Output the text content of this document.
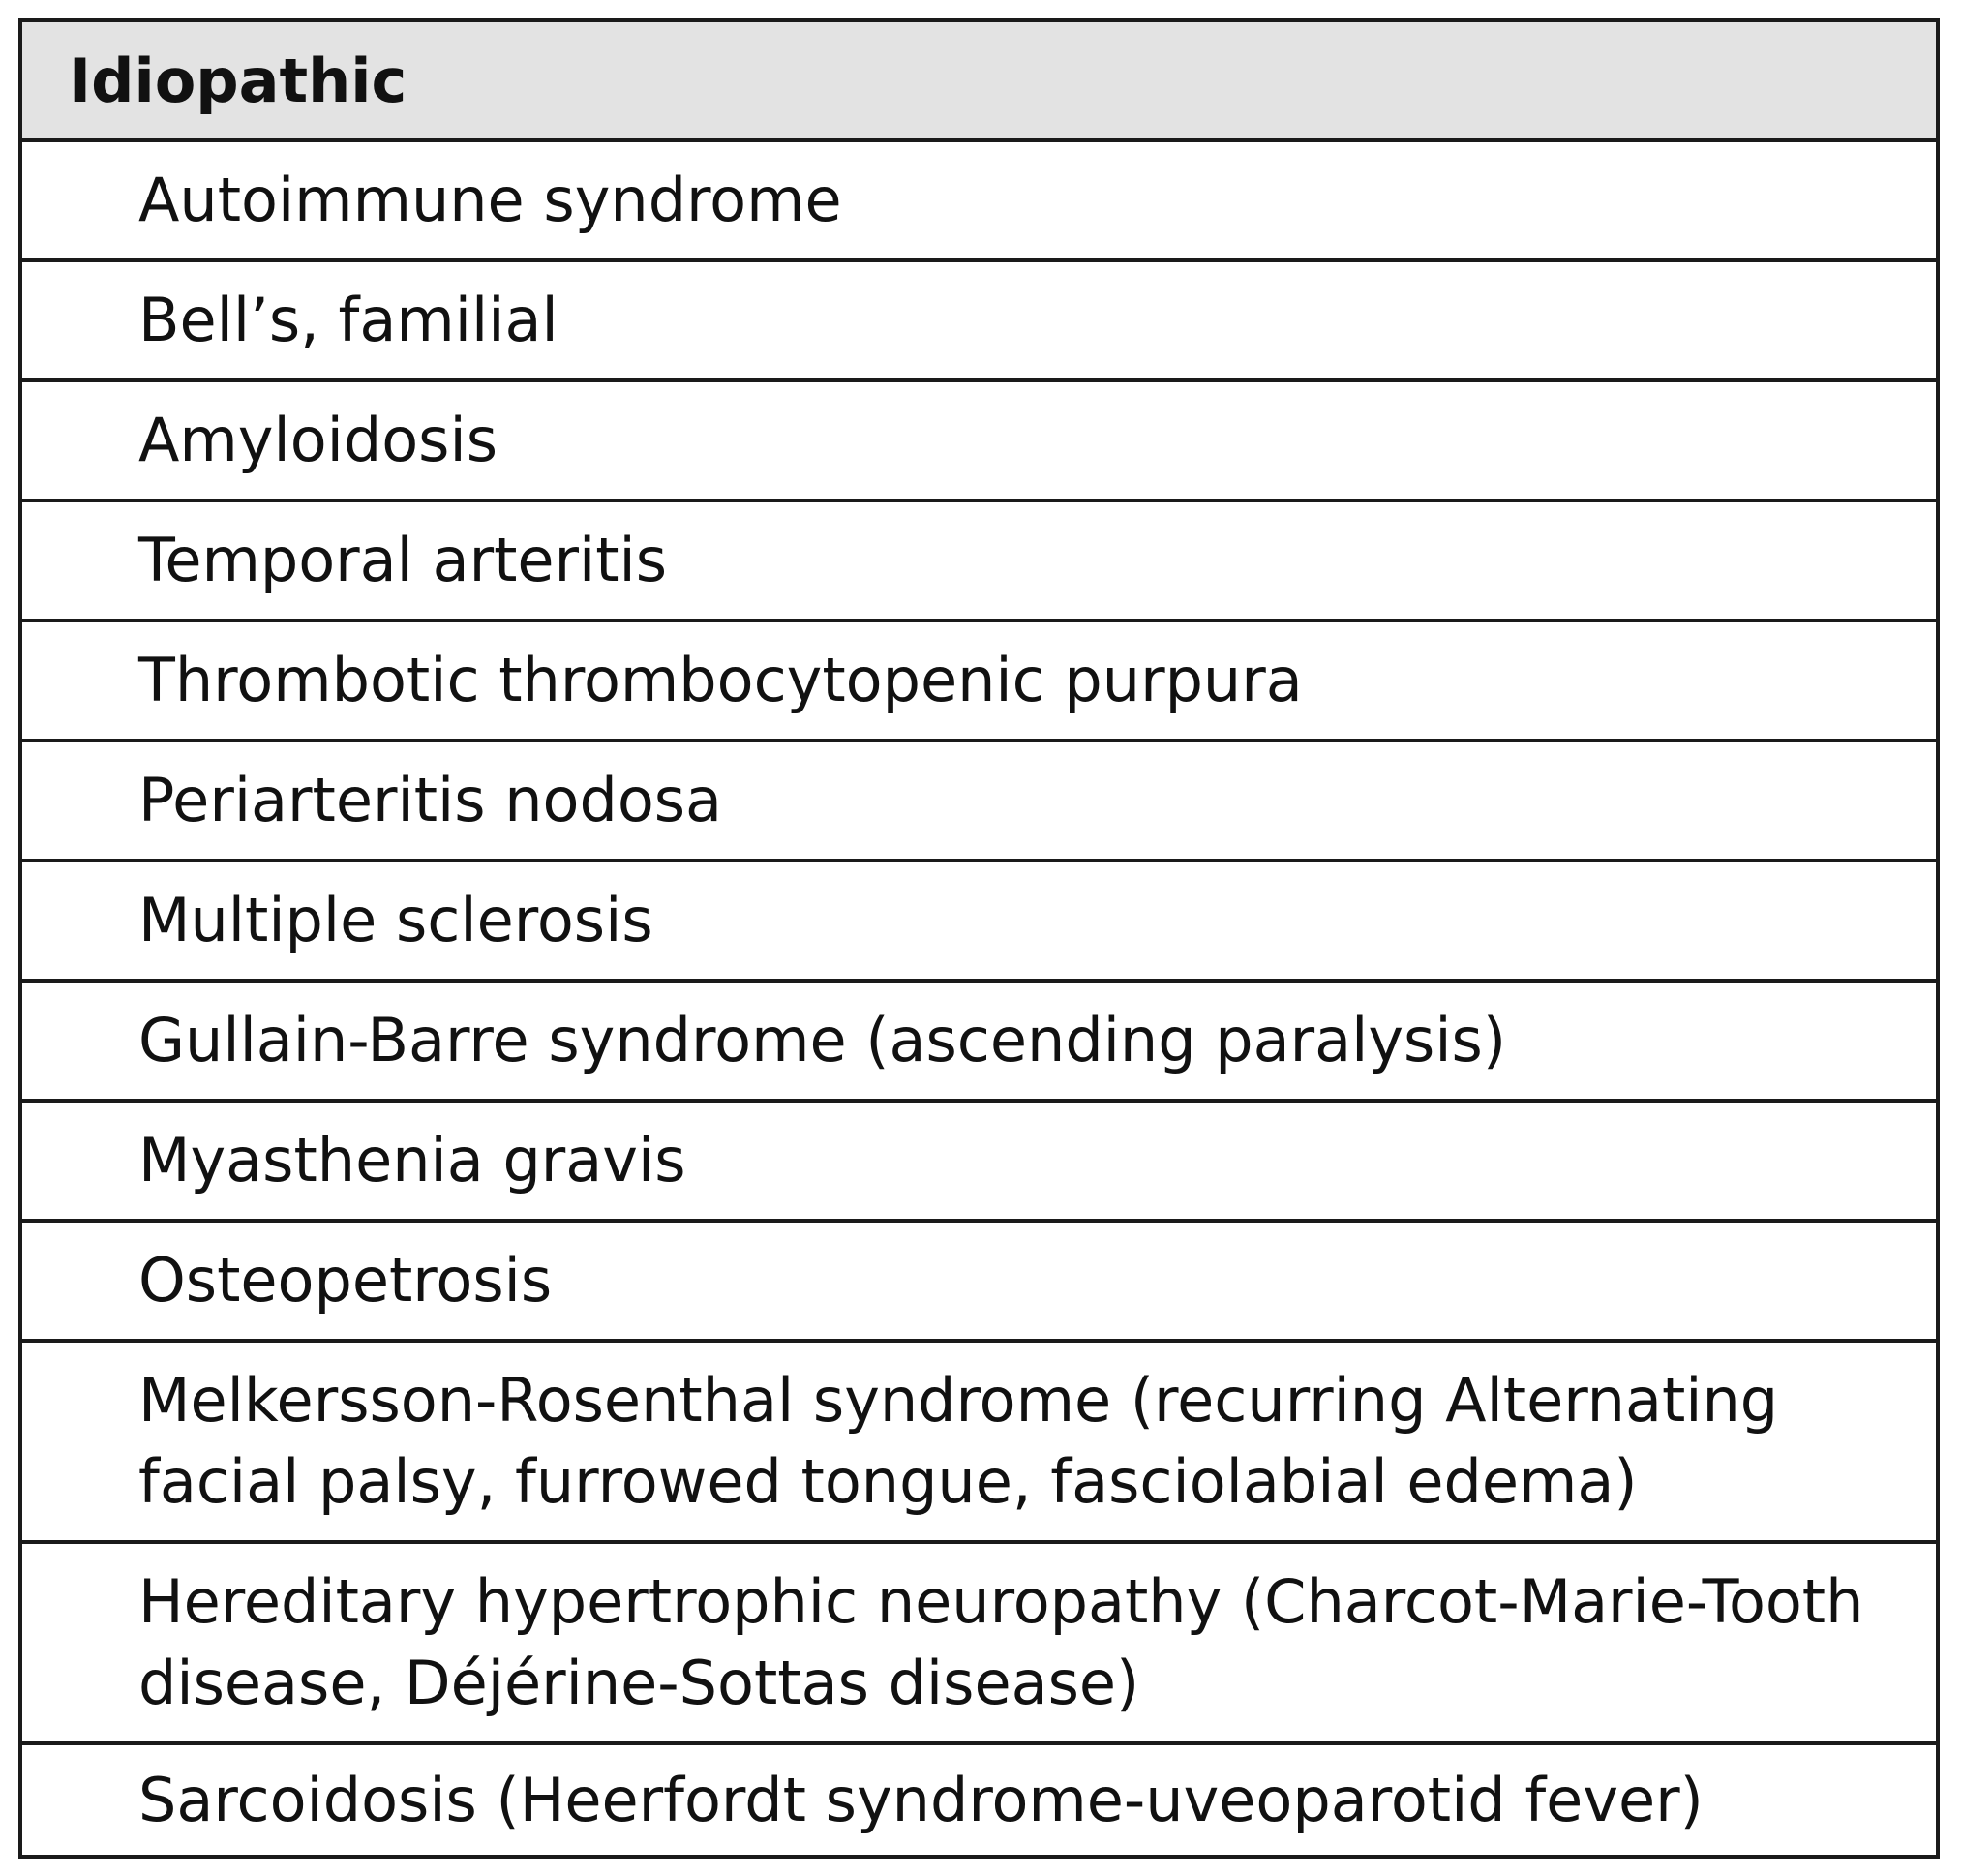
Idiopathic
Autoimmune syndrome
Bell’s, familial
Amyloidosis
Temporal arteritis
Thrombotic thrombocytopenic purpura
Periarteritis nodosa
Multiple sclerosis
Gullain-Barre syndrome (ascending paralysis)
Myasthenia gravis
Osteopetrosis
Melkersson-Rosenthal syndrome (recurring Alternating
facial palsy, furrowed tongue, fasciolabial edema)
Hereditary hypertrophic neuropathy (Charcot-Marie-Tooth
disease, Déjérine-Sottas disease)
Sarcoidosis (Heerfordt syndrome-uveoparotid fever)
